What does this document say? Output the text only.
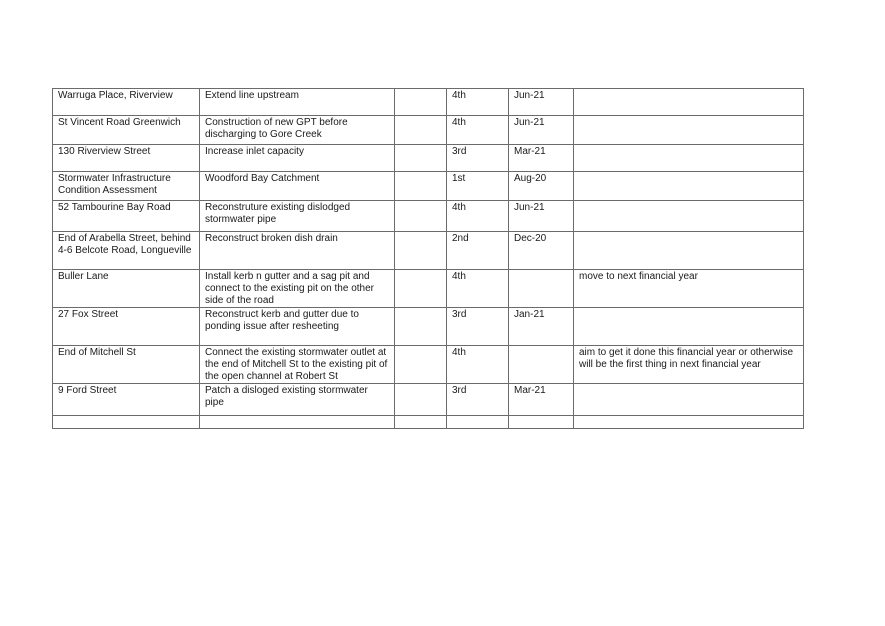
Warruga Place, Riverview	Extend line upstream		4th	Jun-21	
St Vincent Road Greenwich	Construction of new GPT before discharging to Gore Creek		4th	Jun-21	
130 Riverview Street	Increase inlet capacity		3rd	Mar-21	
Stormwater Infrastructure Condition Assessment	Woodford Bay Catchment		1st	Aug-20	
52 Tambourine Bay Road	Reconstruture existing dislodged stormwater pipe		4th	Jun-21	
End of Arabella Street, behind 4-6 Belcote Road, Longueville	Reconstruct broken dish drain		2nd	Dec-20	
Buller Lane	Install kerb n gutter and a sag pit and connect to the existing pit on the other side of the road		4th		move to next financial year
27 Fox Street	Reconstruct kerb and gutter due to ponding issue after resheeting		3rd	Jan-21	
End of Mitchell St	Connect the existing stormwater outlet at the end of Mitchell St to the existing pit of the open channel at Robert St		4th		aim to get it done this financial year or otherwise will be the first thing in next financial year
9 Ford Street	Patch a disloged existing stormwater pipe		3rd	Mar-21	
